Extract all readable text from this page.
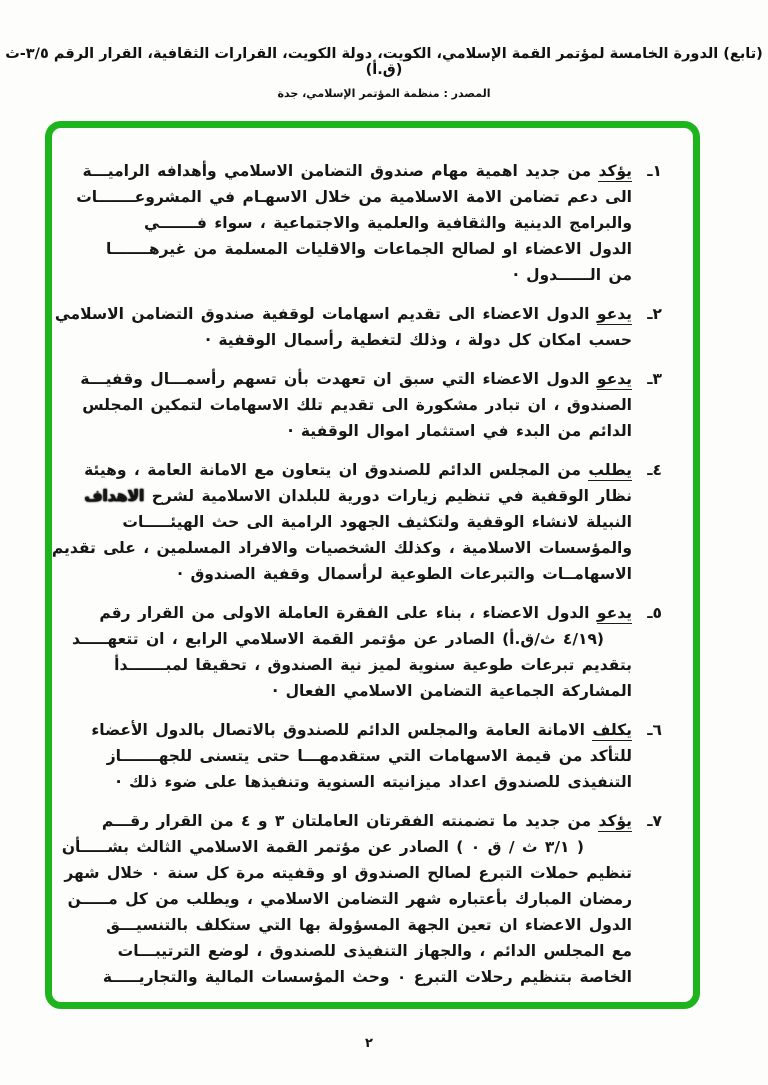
(تابع) الدورة الخامسة لمؤتمر القمة الإسلامي، الكويت، دولة الكويت، القرارات الثقافية، القرار الرقم ٣/٥-ث (ق.أ)
المصدر : منظمة المؤتمر الإسلامي، جدة
١ـ
يؤكد من جديد اهمية مهام صندوق التضامن الاسلامي وأهدافه الراميـــة
الى دعم تضامن الامة الاسلامية من خلال الاسهـام في المشروعـــــــات
والبرامج الدينية والثقافية والعلمية والاجتماعية ، سواء فـــــــي
الدول الاعضاء او لصالح الجماعات والاقليات المسلمة من غيرهـــــــا
من الــــــدول ·
٢ـ
يدعو الدول الاعضاء الى تقديم اسهامات لوقفية صندوق التضامن الاسلامي
حسب امكان كل دولة ، وذلك لتغطية رأسمال الوقفية ·
٣ـ
يدعو الدول الاعضاء التي سبق ان تعهدت بأن تسهم رأسمـــال وقفيـــة
الصندوق ، ان تبادر مشكورة الى تقديم تلك الاسهامات لتمكين المجلس
الدائم من البدء في استثمار اموال الوقفية ·
٤ـ
يطلب من المجلس الدائم للصندوق ان يتعاون مع الامانة العامة ، وهيئة
نظار الوقفية في تنظيم زيارات دورية للبلدان الاسلامية لشرح الاهداف
النبيلة لانشاء الوقفية ولتكثيف الجهود الرامية الى حث الهيئـــــات
والمؤسسات الاسلامية ، وكذلك الشخصيات والافراد المسلمين ، على تقديم
الاسهامــات والتبرعات الطوعية لرأسمال وقفية الصندوق ·
٥ـ
يدعو الدول الاعضاء ، بناء على الفقرة العاملة الاولى من القرار رقم
(٤/١٩ ث/ق.أ) الصادر عن مؤتمر القمة الاسلامي الرابع ، ان تتعهـــــد
بتقديم تبرعات طوعية سنوية لميز نية الصندوق ، تحقيقا لمبـــــــدأ
المشاركة الجماعية التضامن الاسلامي الفعال ·
٦ـ
يكلف الامانة العامة والمجلس الدائم للصندوق بالاتصال بالدول الأعضاء
للتأكد من قيمة الاسهامات التي ستقدمهـــا حتى يتسنى للجهـــــــاز
التنفيذى للصندوق اعداد ميزانيته السنوية وتنفيذها على ضوء ذلك ·
٧ـ
يؤكد من جديد ما تضمنته الفقرتان العاملتان ٣ و ٤ من القرار رقـــم
( ٣/١ ث / ق ٠ ) الصادر عن مؤتمر القمة الاسلامي الثالث بشـــــأن
تنظيم حملات التبرع لصالح الصندوق او وقفيته مرة كل سنة ٠ خلال شهر
رمضان المبارك بأعتباره شهر التضامن الاسلامي ، ويطلب من كل مـــــن
الدول الاعضاء ان تعين الجهة المسؤولة بها التي ستكلف بالتنسيـــق
مع المجلس الدائم ، والجهاز التنفيذى للصندوق ، لوضع الترتيبـــات
الخاصة بتنظيم رحلات التبرع ٠ وحث المؤسسات المالية والتجاريـــــة
٢
